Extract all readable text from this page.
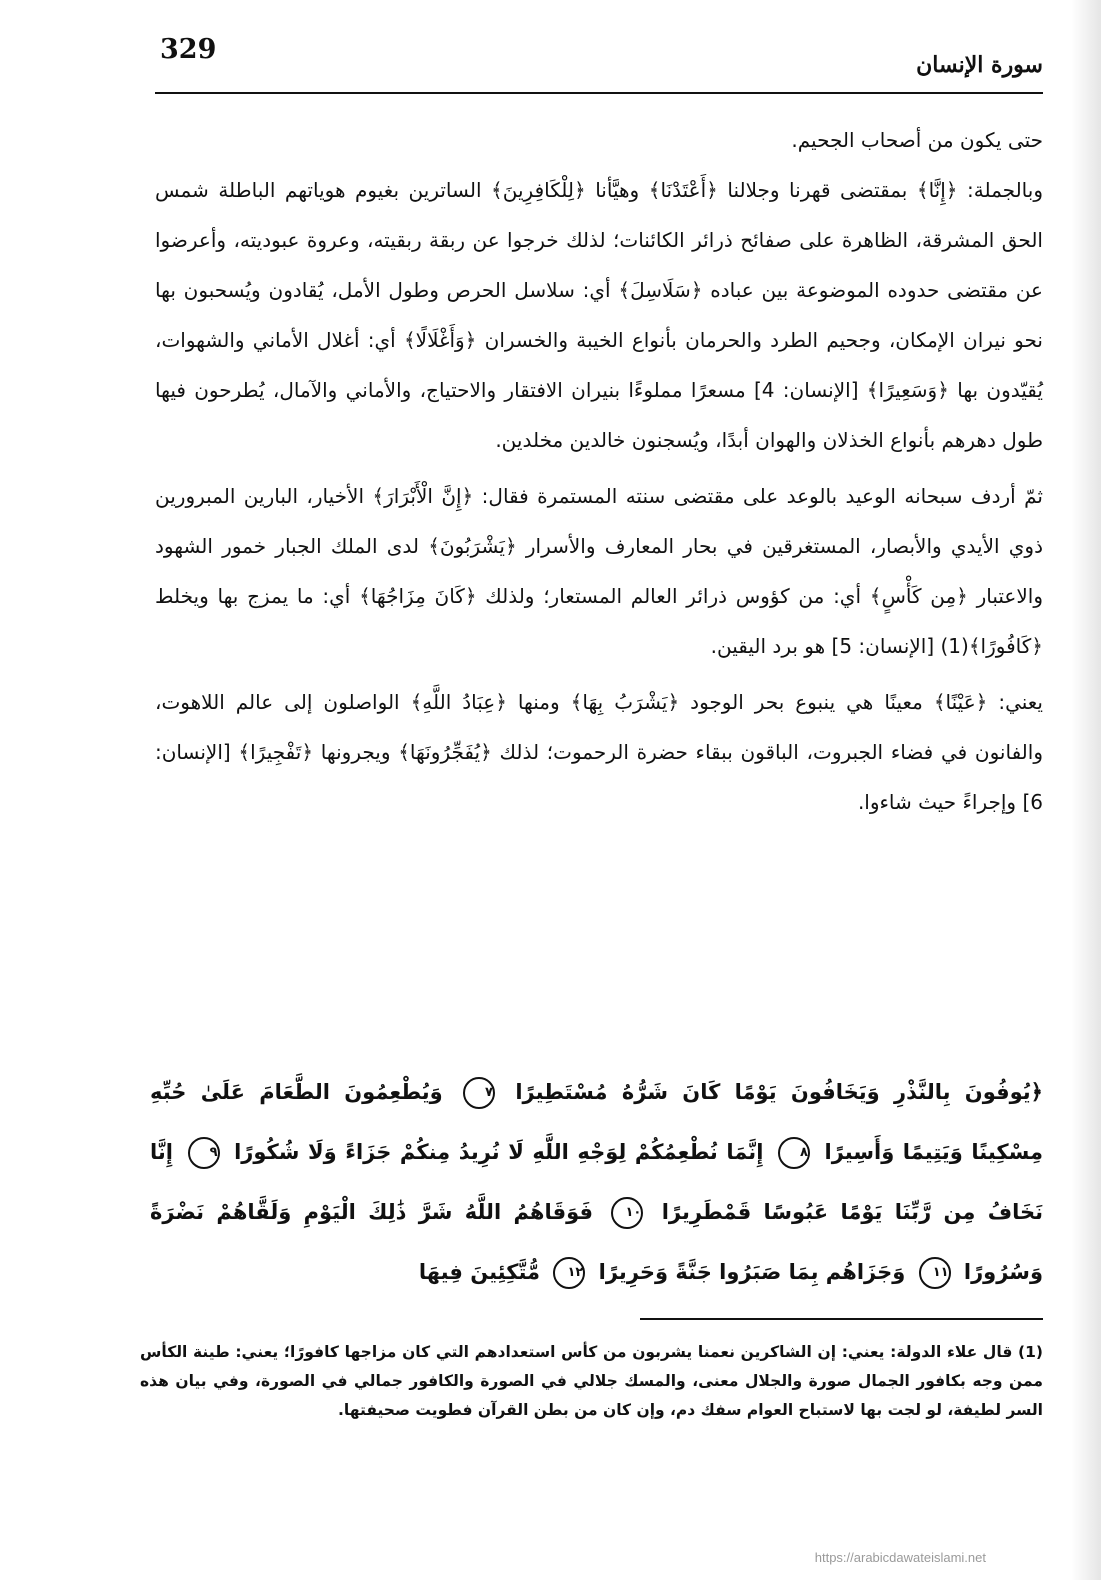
329	سورة الإنسان

حتى يكون من أصحاب الجحيم.

وبالجملة: ﴿إِنَّا﴾ بمقتضى قهرنا وجلالنا ﴿أَعْتَدْنَا﴾ وهيَّأنا ﴿لِلْكَافِرِينَ﴾ الساترين بغيوم هوياتهم الباطلة شمس الحق المشرقة، الظاهرة على صفائح ذرائر الكائنات؛ لذلك خرجوا عن ربقة ربقيته، وعروة عبوديته، وأعرضوا عن مقتضى حدوده الموضوعة بين عباده ﴿سَلَاسِلَ﴾ أي: سلاسل الحرص وطول الأمل، يُقادون ويُسحبون بها نحو نيران الإمكان، وجحيم الطرد والحرمان بأنواع الخيبة والخسران ﴿وَأَغْلَالًا﴾ أي: أغلال الأماني والشهوات، يُقيّدون بها ﴿وَسَعِيرًا﴾ [الإنسان: 4] مسعرًا مملوءًا بنيران الافتقار والاحتياج، والأماني والآمال، يُطرحون فيها طول دهرهم بأنواع الخذلان والهوان أبدًا، ويُسجنون خالدين مخلدين.

ثمّ أردف سبحانه الوعيد بالوعد على مقتضى سنته المستمرة فقال: ﴿إِنَّ الْأَبْرَارَ﴾ الأخيار، البارين المبرورين ذوي الأيدي والأبصار، المستغرقين في بحار المعارف والأسرار ﴿يَشْرَبُونَ﴾ لدى الملك الجبار خمور الشهود والاعتبار ﴿مِن كَأْسٍ﴾ أي: من كؤوس ذرائر العالم المستعار؛ ولذلك ﴿كَانَ مِزَاجُهَا﴾ أي: ما يمزج بها ويخلط ﴿كَافُورًا﴾(1) [الإنسان: 5] هو برد اليقين.

يعني: ﴿عَيْنًا﴾ معينًا هي ينبوع بحر الوجود ﴿يَشْرَبُ بِهَا﴾ ومنها ﴿عِبَادُ اللَّهِ﴾ الواصلون إلى عالم اللاهوت، والفانون في فضاء الجبروت، الباقون ببقاء حضرة الرحموت؛ لذلك ﴿يُفَجِّرُونَهَا﴾ ويجرونها ﴿تَفْجِيرًا﴾ [الإنسان: 6] وإجراءً حيث شاءوا.

﴿يُوفُونَ بِالنَّذْرِ وَيَخَافُونَ يَوْمًا كَانَ شَرُّهُ مُسْتَطِيرًا ٧ وَيُطْعِمُونَ الطَّعَامَ عَلَىٰ حُبِّهِ مِسْكِينًا وَيَتِيمًا وَأَسِيرًا ٨ إِنَّمَا نُطْعِمُكُمْ لِوَجْهِ اللَّهِ لَا نُرِيدُ مِنكُمْ جَزَاءً وَلَا شُكُورًا ٩ إِنَّا نَخَافُ مِن رَّبِّنَا يَوْمًا عَبُوسًا قَمْطَرِيرًا ١٠ فَوَقَاهُمُ اللَّهُ شَرَّ ذَٰلِكَ الْيَوْمِ وَلَقَّاهُمْ نَضْرَةً وَسُرُورًا ١١ وَجَزَاهُم بِمَا صَبَرُوا جَنَّةً وَحَرِيرًا ١٢ مُّتَّكِئِينَ فِيهَا
(1) قال علاء الدولة: يعني: إن الشاكرين نعمنا يشربون من كأس استعدادهم التي كان مزاجها كافورًا؛ يعني: طينة الكأس ممن وجه بكافور الجمال صورة والجلال معنى، والمسك جلالي في الصورة والكافور جمالي في الصورة، وفي بيان هذه السر لطيفة، لو لجت بها لاستباح العوام سفك دم، وإن كان من بطن القرآن فطويت صحيفتها.
https://arabicdawateislami.net
